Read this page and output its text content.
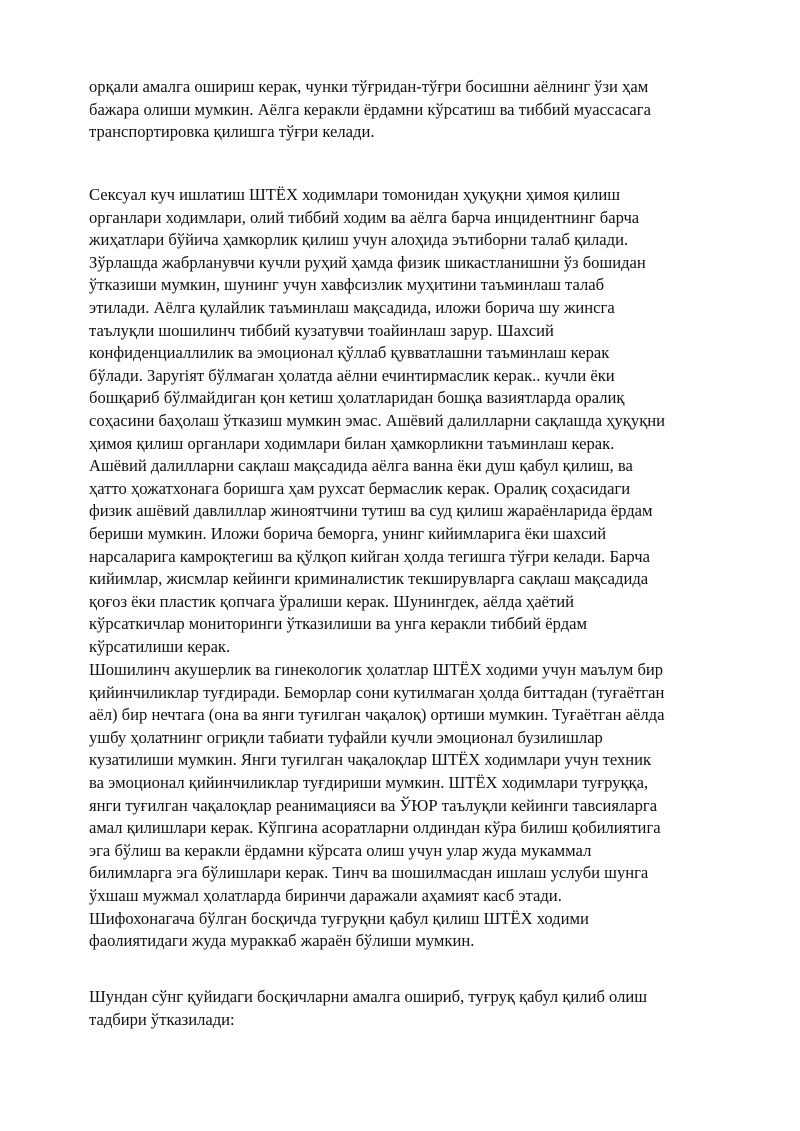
орқали амалга ошириш керак, чунки тўғридан-тўғри босишни аёлнинг ўзи ҳам
бажара олиши мумкин. Аёлга керакли ёрдамни кўрсатиш ва тиббий муассасага
транспортировка қилишга тўғри келади.

Сексуал куч ишлатиш ШТЁХ ходимлари томонидан ҳуқуқни ҳимоя қилиш
органлари ходимлари, олий тиббий ходим ва аёлга барча инцидентнинг барча
жиҳатлари бўйича ҳамкорлик қилиш учун алоҳида эътиборни талаб қилади.
Зўрлашда жабрланувчи кучли руҳий ҳамда физик шикастланишни ўз бошидан
ўтказиши мумкин, шунинг учун хавфсизлик муҳитини таъминлаш талаб
этилади. Аёлга қулайлик таъминлаш мақсадида, иложи борича шу жинсга
таълуқли шошилинч тиббий кузатувчи тоайинлаш зарур. Шахсий
конфиденциаллилик ва эмоционал қўллаб қувватлашни таъминлаш керак
бўлади. Заруriят бўлмаган ҳолатда аёлни ечинтирмаслик керак.. кучли ёки
бошқариб бўлмайдиган қон кетиш ҳолатларидан бошқа вазиятларда оралиқ
соҳасини баҳолаш ўтказиш мумкин эмас. Ашёвий далилларни сақлашда ҳуқуқни
ҳимоя қилиш органлари ходимлари билан ҳамкорликни таъминлаш керак.
Ашёвий далилларни сақлаш мақсадида аёлга ванна ёки душ қабул қилиш, ва
ҳатто ҳожатхонага боришга ҳам рухсат бермаслик керак. Оралиқ соҳасидаги
физик ашёвий давлиллар жиноятчини тутиш ва суд қилиш жараёнларида ёрдам
бериши мумкин. Иложи борича беморга, унинг кийимларига ёки шахсий
нарсаларига камроқтегиш ва қўлқоп кийган ҳолда тегишга тўғри келади. Барча
кийимлар, жисмлар кейинги криминалистик текширувларга сақлаш мақсадида
қоғоз ёки пластик қопчага ўралиши керак. Шунингдек, аёлда ҳаётий
кўрсаткичлар мониторинги ўтказилиши ва унга керакли тиббий ёрдам
кўрсатилиши керак.

Шошилинч акушерлик ва гинекологик ҳолатлар ШТЁХ ходими учун маълум бир
қийинчиликлар туғдиради. Беморлар сони кутилмаган ҳолда биттадан (туғаётган
аёл) бир нечтага (она ва янги туғилган чақалоқ) ортиши мумкин. Туғаётган аёлда
ушбу ҳолатнинг огриқли табиати туфайли кучли эмоционал бузилишлар
кузатилиши мумкин. Янги туғилган чақалоқлар ШТЁХ ходимлари учун техник
ва эмоционал қийинчиликлар туғдириши мумкин. ШТЁХ ходимлари туғруққа,
янги туғилган чақалоқлар реанимацияси ва ЎЮР таълуқли кейинги тавсияларга
амал қилишлари керак. Кўпгина асоратларни олдиндан кўра билиш қобилиятига
эга бўлиш ва керакли ёрдамни кўрсата олиш учун улар жуда мукаммал
билимларга эга бўлишлари керак. Тинч ва шошилмасдан ишлаш услуби шунга
ўхшаш мужмал ҳолатларда биринчи даражали аҳамият касб этади.
Шифохонагача бўлган босқичда туғруқни қабул қилиш ШТЁХ ходими
фаолиятидаги жуда мураккаб жараён бўлиши мумкин.

Шундан сўнг қуйидаги босқичларни амалга ошириб, туғруқ қабул қилиб олиш
тадбири ўтказилади:
